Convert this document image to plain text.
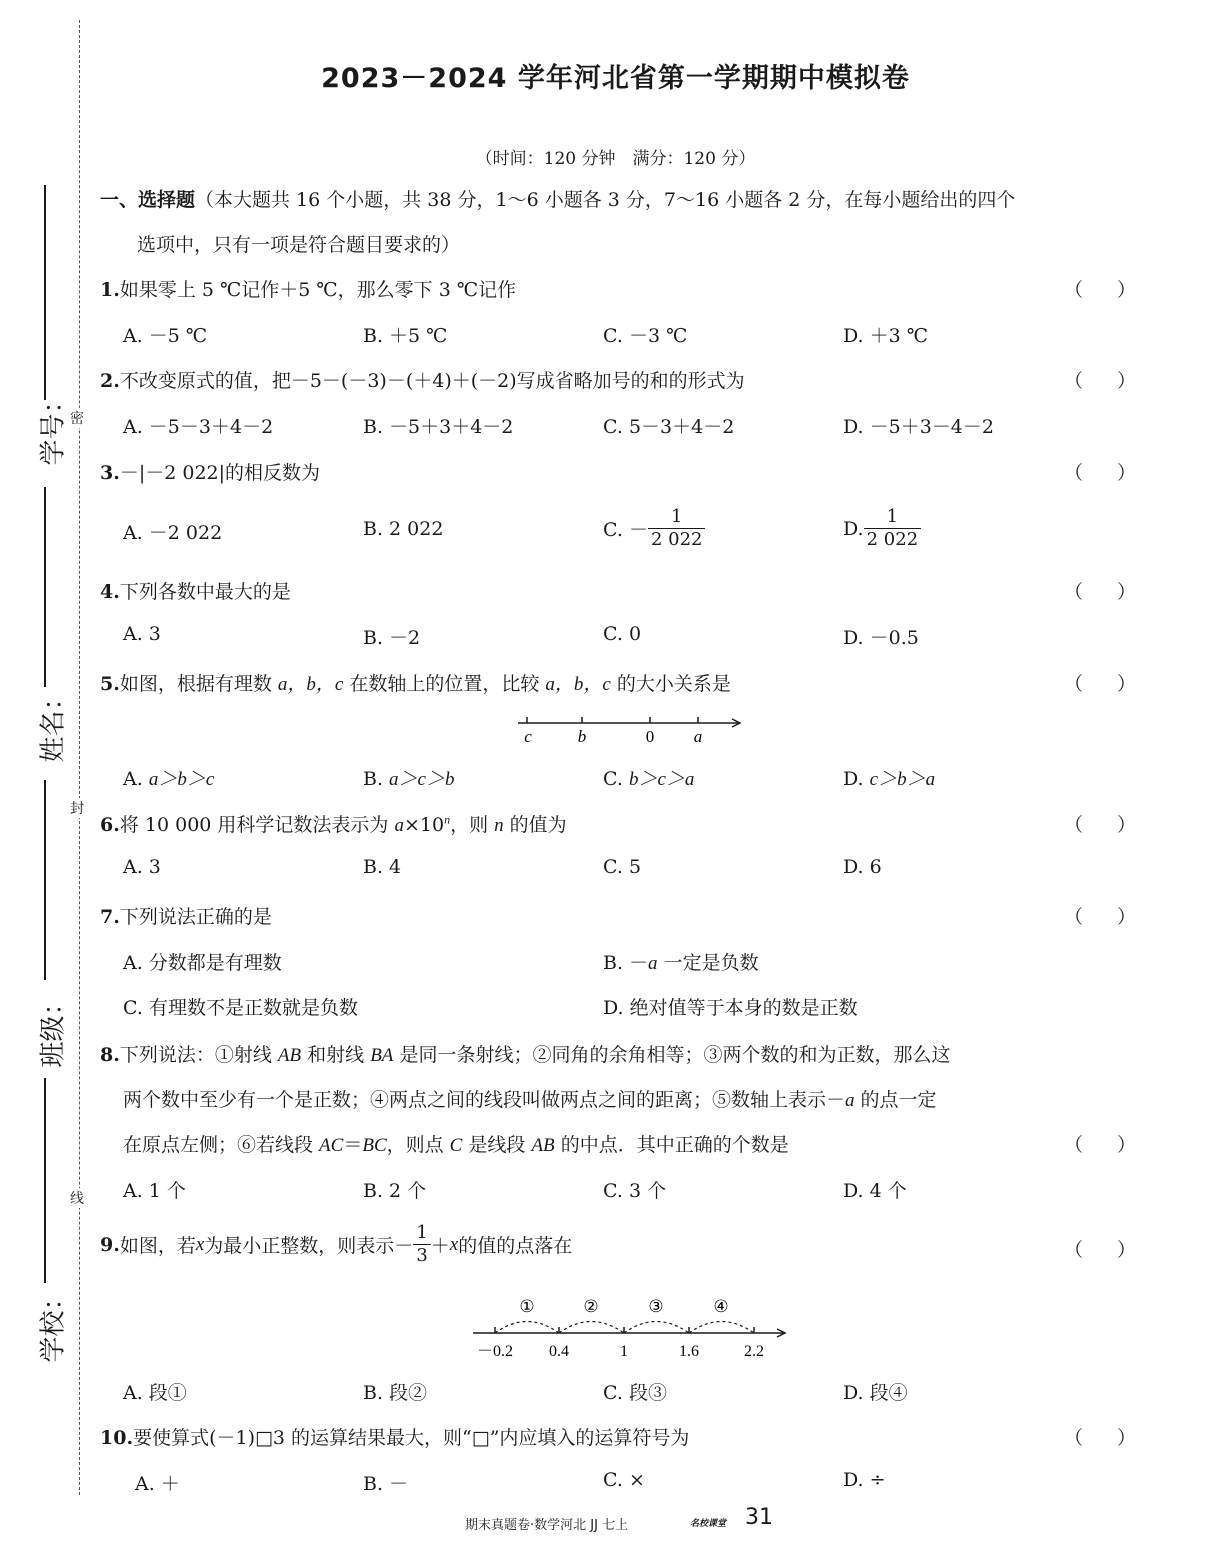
密
封
线
学号：
姓名：
班级：
学校：
2023－2024 学年河北省第一学期期中模拟卷
（时间：120 分钟　满分：120 分）
一、选择题（本大题共 16 个小题，共 38 分，1～6 小题各 3 分，7～16 小题各 2 分，在每小题给出的四个
选项中，只有一项是符合题目要求的）
1.如果零上 5 ℃记作＋5 ℃，那么零下 3 ℃记作	（ ）
A. －5 ℃	B. ＋5 ℃	C. －3 ℃	D. ＋3 ℃
2.不改变原式的值，把－5－(－3)－(＋4)＋(－2)写成省略加号的和的形式为	（ ）
A. －5－3＋4－2	B. －5＋3＋4－2	C. 5－3＋4－2	D. －5＋3－4－2
3.－|－2 022|的相反数为	（ ）
A. －2 022	B. 2 022	C. － $\frac{1}{2 022}$	D. $\frac{1}{2 022}$
4.下列各数中最大的是	（ ）
A. 3	B. －2	C. 0	D. －0.5
5.如图，根据有理数 a，b，c 在数轴上的位置，比较 a，b，c 的大小关系是	（ ）
c	b	0 a
A. a＞b＞c	B. a＞c＞b	C. b＞c＞a	D. c＞b＞a
6.将 10 000 用科学记数法表示为 $a\times 10^n$，则 n 的值为	（ ）
A. 3	B. 4	C. 5	D. 6
7.下列说法正确的是	（ ）
A. 分数都是有理数	B. －a 一定是负数
C. 有理数不是正数就是负数	D. 绝对值等于本身的数是正数
8.下列说法：①射线 AB 和射线 BA 是同一条射线；②同角的余角相等；③两个数的和为正数，那么这
两个数中至少有一个是正数；④两点之间的线段叫做两点之间的距离；⑤数轴上表示－a 的点一定
在原点左侧；⑥若线段 AC＝BC，则点 C 是线段 AB 的中点．其中正确的个数是	（ ）
A. 1 个	B. 2 个	C. 3 个	D. 4 个
9. 如图，若 x 为最小正整数，则表示－ $\frac{1}{3} + x$ 的值的点落在	（ ）
①	②	③	④
－0.2 0.4	1	1.6	2.2
A. 段①	B. 段②	C. 段③	D. 段④
10.要使算式(－1)□3 的运算结果最大，则“□”内应填入的运算符号为	（ ）
A. ＋	B. －	C. ×	D. ÷
期末真题卷·数学河北 JJ 七上	名校课堂 31
